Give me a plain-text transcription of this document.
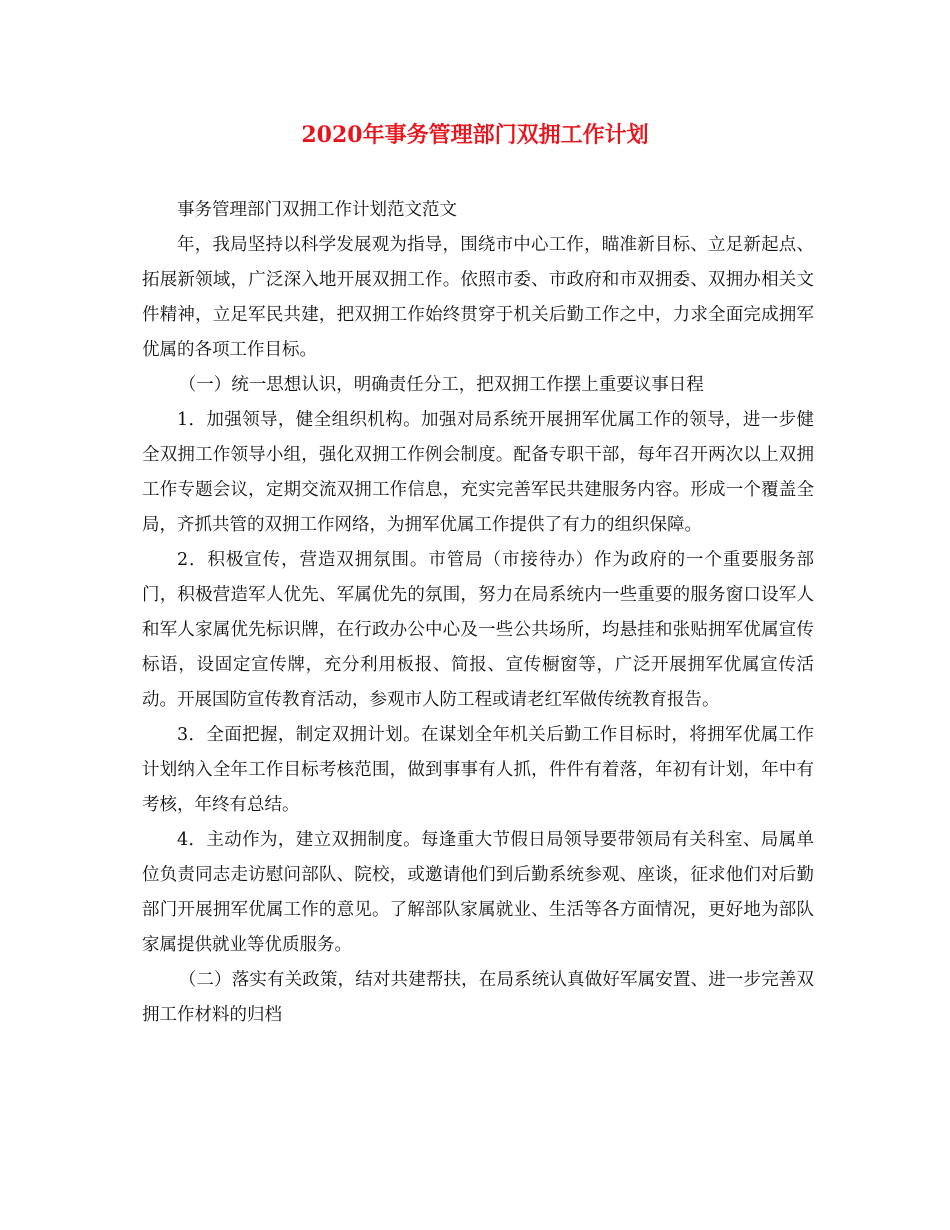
2020年事务管理部门双拥工作计划

事务管理部门双拥工作计划范文范文

年，我局坚持以科学发展观为指导，围绕市中心工作，瞄准新目标、立足新起点、拓展新领域，广泛深入地开展双拥工作。依照市委、市政府和市双拥委、双拥办相关文件精神，立足军民共建，把双拥工作始终贯穿于机关后勤工作之中，力求全面完成拥军优属的各项工作目标。

（一）统一思想认识，明确责任分工，把双拥工作摆上重要议事日程

1．加强领导，健全组织机构。加强对局系统开展拥军优属工作的领导，进一步健全双拥工作领导小组，强化双拥工作例会制度。配备专职干部，每年召开两次以上双拥工作专题会议，定期交流双拥工作信息，充实完善军民共建服务内容。形成一个覆盖全局，齐抓共管的双拥工作网络，为拥军优属工作提供了有力的组织保障。

2．积极宣传，营造双拥氛围。市管局（市接待办）作为政府的一个重要服务部门，积极营造军人优先、军属优先的氛围，努力在局系统内一些重要的服务窗口设军人和军人家属优先标识牌，在行政办公中心及一些公共场所，均悬挂和张贴拥军优属宣传标语，设固定宣传牌，充分利用板报、简报、宣传橱窗等，广泛开展拥军优属宣传活动。开展国防宣传教育活动，参观市人防工程或请老红军做传统教育报告。

3．全面把握，制定双拥计划。在谋划全年机关后勤工作目标时，将拥军优属工作计划纳入全年工作目标考核范围，做到事事有人抓，件件有着落，年初有计划，年中有考核，年终有总结。

4．主动作为，建立双拥制度。每逢重大节假日局领导要带领局有关科室、局属单位负责同志走访慰问部队、院校，或邀请他们到后勤系统参观、座谈，征求他们对后勤部门开展拥军优属工作的意见。了解部队家属就业、生活等各方面情况，更好地为部队家属提供就业等优质服务。

（二）落实有关政策，结对共建帮扶，在局系统认真做好军属安置、进一步完善双拥工作材料的归档
